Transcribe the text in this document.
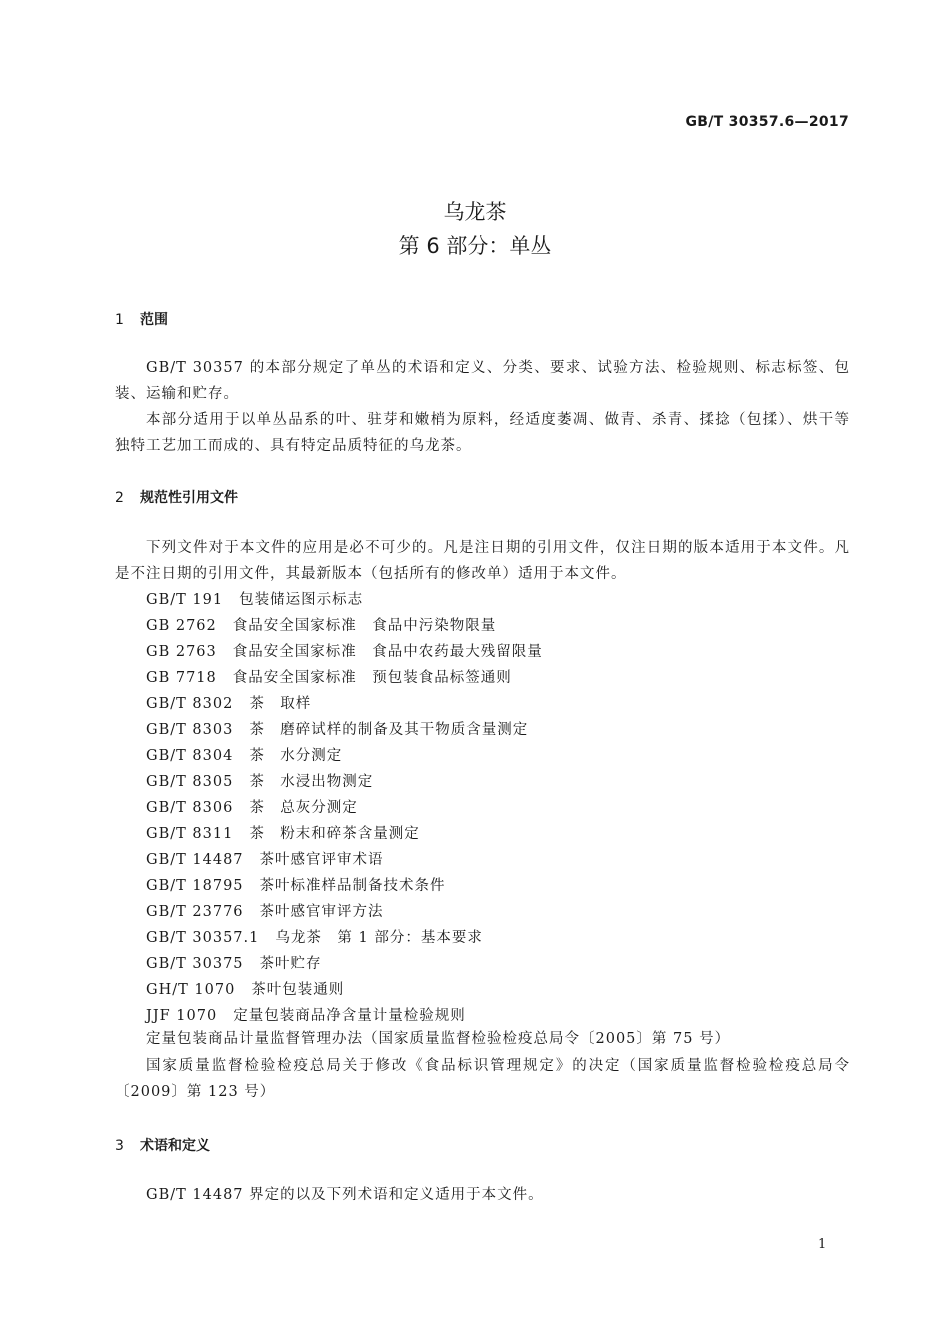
GB/T 30357.6—2017
乌龙茶
第 6 部分：单丛
1 范围
GB/T 30357 的本部分规定了单丛的术语和定义、分类、要求、试验方法、检验规则、标志标签、包装、运输和贮存。
本部分适用于以单丛品系的叶、驻芽和嫩梢为原料，经适度萎凋、做青、杀青、揉捻（包揉）、烘干等独特工艺加工而成的、具有特定品质特征的乌龙茶。
2 规范性引用文件
下列文件对于本文件的应用是必不可少的。凡是注日期的引用文件，仅注日期的版本适用于本文件。凡是不注日期的引用文件，其最新版本（包括所有的修改单）适用于本文件。
GB/T 191 包装储运图示标志
GB 2762 食品安全国家标准　食品中污染物限量
GB 2763 食品安全国家标准　食品中农药最大残留限量
GB 7718 食品安全国家标准　预包装食品标签通则
GB/T 8302 茶　取样
GB/T 8303 茶　磨碎试样的制备及其干物质含量测定
GB/T 8304 茶　水分测定
GB/T 8305 茶　水浸出物测定
GB/T 8306 茶　总灰分测定
GB/T 8311 茶　粉末和碎茶含量测定
GB/T 14487 茶叶感官评审术语
GB/T 18795 茶叶标准样品制备技术条件
GB/T 23776 茶叶感官审评方法
GB/T 30357.1 乌龙茶　第 1 部分：基本要求
GB/T 30375 茶叶贮存
GH/T 1070 茶叶包装通则
JJF 1070 定量包装商品净含量计量检验规则
定量包装商品计量监督管理办法（国家质量监督检验检疫总局令〔2005〕第 75 号）
国家质量监督检验检疫总局关于修改《食品标识管理规定》的决定（国家质量监督检验检疫总局令〔2009〕第 123 号）
3 术语和定义
GB/T 14487 界定的以及下列术语和定义适用于本文件。
1
